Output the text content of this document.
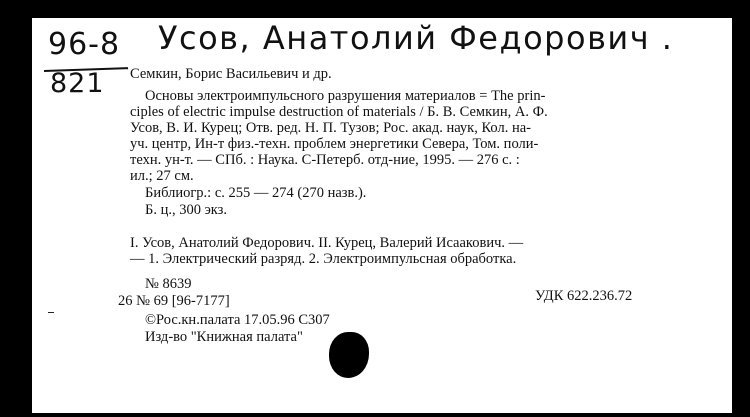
96-8
821
Усов, Анатолий Федорович .

Семкин, Борис Васильевич и др.

Основы электроимпульсного разрушения материалов = The prin-

ciples of electric impulse destruction of materials / Б. В. Семкин, А. Ф.

Усов, В. И. Курец; Отв. ред. Н. П. Тузов; Рос. акад. наук, Кол. на-

уч. центр, Ин-т физ.-техн. проблем энергетики Севера, Том. поли-

техн. ун-т. — СПб. : Наука. С-Петерб. отд-ние, 1995. — 276 с. :

ил.; 27 см.

Библиогр.: с. 255 — 274 (270 назв.).

Б. ц., 300 экз.

I. Усов, Анатолий Федорович. II. Курец, Валерий Исаакович. —

— 1. Электрический разряд. 2. Электроимпульсная обработка.

№ 8639

УДК 622.236.72

26 № 69 [96-7177]

©Рос.кн.палата 17.05.96 С307

Изд-во "Книжная палата"
